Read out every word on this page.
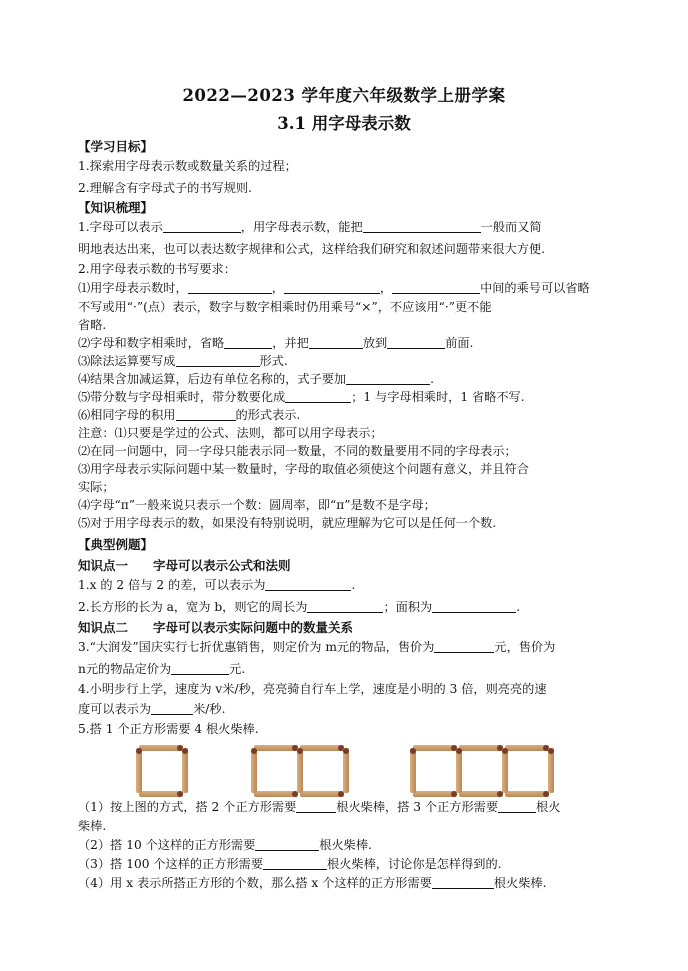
2022—2023 学年度六年级数学上册学案
3.1 用字母表示数
【学习目标】
1.探索用字母表示数或数量关系的过程；
2.理解含有字母式子的书写规则.
【知识梳理】
1.字母可以表示	，用字母表示数，能把	一般而又简
明地表达出来，也可以表达数字规律和公式，这样给我们研究和叙述问题带来很大方便.
2.用字母表示数的书写要求：
⑴用字母表示数时，	，	，	中间的乘号可以省略
不写或用“·”(点）表示，数字与数字相乘时仍用乘号“×”，不应该用“·”更不能
省略.
⑵字母和数字相乘时，省略	，并把	放到	前面.
⑶除法运算要写成	形式.
⑷结果含加减运算，后边有单位名称的，式子要加	.
⑸带分数与字母相乘时，带分数要化成	；1 与字母相乘时，1 省略不写.
⑹相同字母的积用	的形式表示.
注意：⑴只要是学过的公式、法则，都可以用字母表示；
⑵在同一问题中，同一字母只能表示同一数量，不同的数量要用不同的字母表示；
⑶用字母表示实际问题中某一数量时，字母的取值必须使这个问题有意义，并且符合
实际；
⑷字母“π”一般来说只表示一个数：圆周率，即“π”是数不是字母；
⑸对于用字母表示的数，如果没有特别说明，就应理解为它可以是任何一个数.
【典型例题】
知识点一　　字母可以表示公式和法则
1.x 的 2 倍与 2 的差，可以表示为	.
2.长方形的长为 a，宽为 b，则它的周长为	；面积为	.
知识点二　　字母可以表示实际问题中的数量关系
3.“大润发”国庆实行七折优惠销售，则定价为 m元的物品，售价为	元，售价为
n元的物品定价为	元.
4.小明步行上学，速度为 v米/秒，亮亮骑自行车上学，速度是小明的 3 倍，则亮亮的速
度可以表示为	米/秒.
5.搭 1 个正方形需要 4 根火柴棒.
（1）按上图的方式，搭 2 个正方形需要	根火柴棒，搭 3 个正方形需要	根火
柴棒.
（2）搭 10 个这样的正方形需要	根火柴棒.
（3）搭 100 个这样的正方形需要	根火柴棒，讨论你是怎样得到的.
（4）用 x 表示所搭正方形的个数，那么搭 x 个这样的正方形需要	根火柴棒.
